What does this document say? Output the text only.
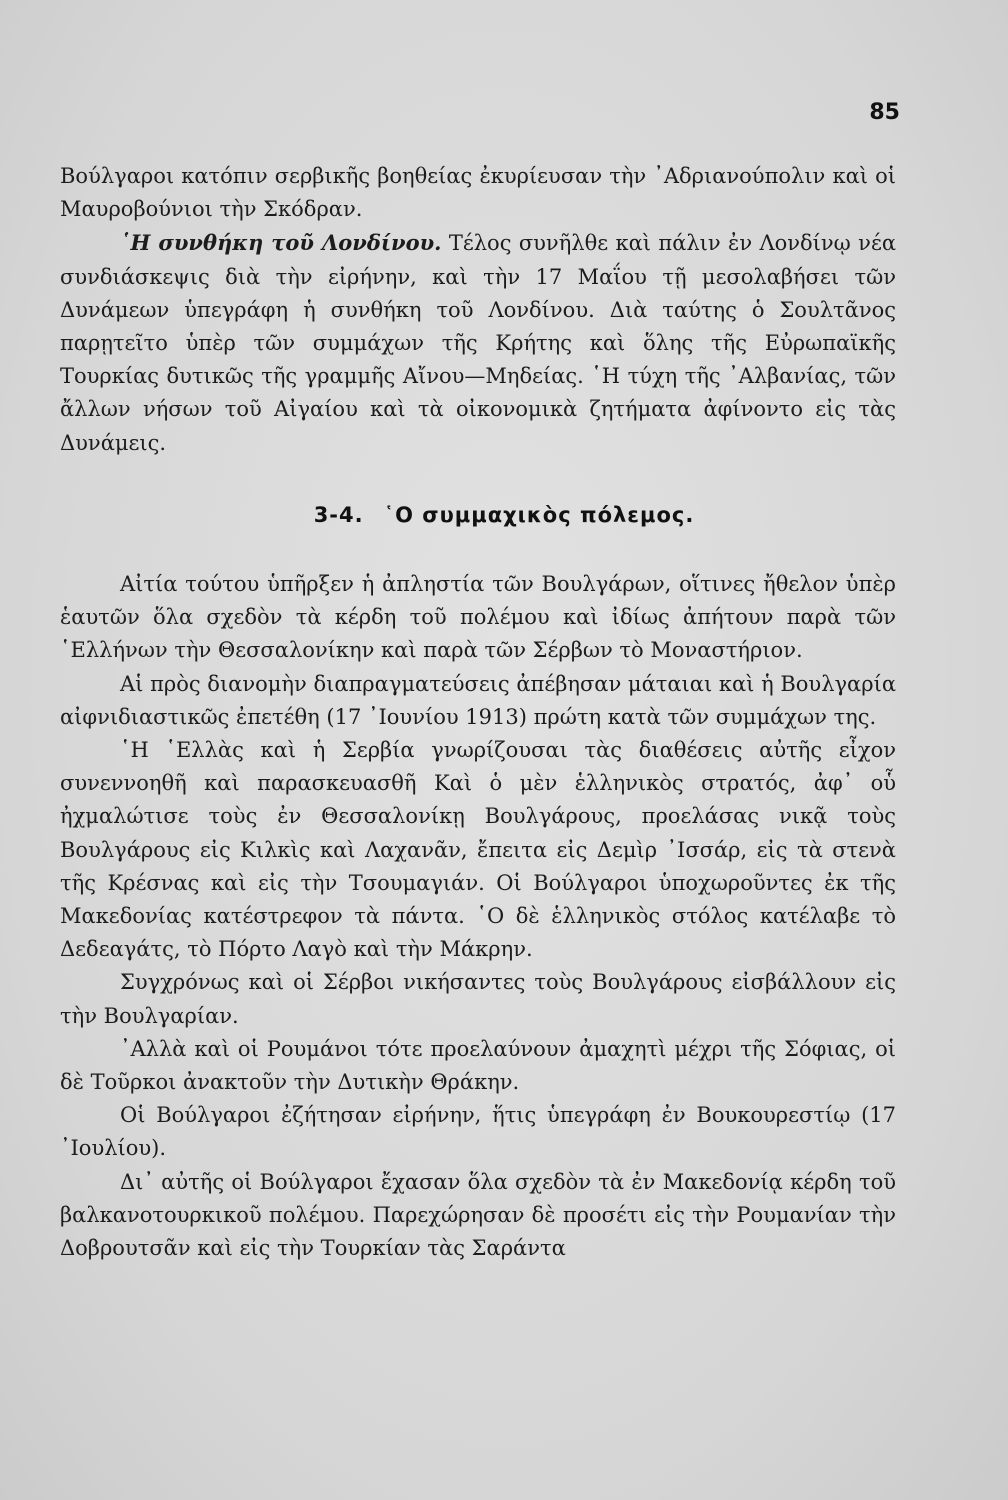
85

Βούλγαροι κατόπιν σερβικῆς βοηθείας ἐκυρίευσαν τὴν ᾿Αδριανούπολιν καὶ οἱ Μαυροβούνιοι τὴν Σκόδραν.

῾Η συνθήκη τοῦ Λονδίνου. Τέλος συνῆλθε καὶ πάλιν ἐν Λονδίνῳ νέα συνδιάσκεψις διὰ τὴν εἰρήνην, καὶ τὴν 17 Μαΐου τῇ μεσολαβήσει τῶν Δυνάμεων ὑπεγράφη ἡ συνθήκη τοῦ Λονδίνου. Διὰ ταύτης ὁ Σουλτᾶνος παρῃτεῖτο ὑπὲρ τῶν συμμάχων τῆς Κρήτης καὶ ὅλης τῆς Εὐρωπαϊκῆς Τουρκίας δυτικῶς τῆς γραμμῆς Αἴνου—Μηδείας. ῾Η τύχη τῆς ᾿Αλβανίας, τῶν ἄλλων νήσων τοῦ Αἰγαίου καὶ τὰ οἰκονομικὰ ζητήματα ἀφίνοντο εἰς τὰς Δυνάμεις.

3-4. ῾Ο συμμαχικὸς πόλεμος.

Αἰτία τούτου ὑπῆρξεν ἡ ἀπληστία τῶν Βουλγάρων, οἵτινες ἤθελον ὑπὲρ ἑαυτῶν ὅλα σχεδὸν τὰ κέρδη τοῦ πολέμου καὶ ἰδίως ἀπήτουν παρὰ τῶν ῾Ελλήνων τὴν Θεσσαλονίκην καὶ παρὰ τῶν Σέρβων τὸ Μοναστήριον.

Αἱ πρὸς διανομὴν διαπραγματεύσεις ἀπέβησαν μάταιαι καὶ ἡ Βουλγαρία αἰφνιδιαστικῶς ἐπετέθη (17 ᾿Ιουνίου 1913) πρώτη κατὰ τῶν συμμάχων της.

῾Η ῾Ελλὰς καὶ ἡ Σερβία γνωρίζουσαι τὰς διαθέσεις αὐτῆς εἶχον συνεννοηθῆ καὶ παρασκευασθῆ Καὶ ὁ μὲν ἑλληνικὸς στρατός, ἀφ᾿ οὗ ἠχμαλώτισε τοὺς ἐν Θεσσαλονίκῃ Βουλγάρους, προελάσας νικᾷ τοὺς Βουλγάρους εἰς Κιλκὶς καὶ Λαχανᾶν, ἔπειτα εἰς Δεμὶρ ᾿Ισσάρ, εἰς τὰ στενὰ τῆς Κρέσνας καὶ εἰς τὴν Τσουμαγιάν. Οἱ Βούλγαροι ὑποχωροῦντες ἐκ τῆς Μακεδονίας κατέστρεφον τὰ πάντα. ῾Ο δὲ ἑλληνικὸς στόλος κατέλαβε τὸ Δεδεαγάτς, τὸ Πόρτο Λαγὸ καὶ τὴν Μάκρην.

Συγχρόνως καὶ οἱ Σέρβοι νικήσαντες τοὺς Βουλγάρους εἰσβάλλουν εἰς τὴν Βουλγαρίαν.

᾿Αλλὰ καὶ οἱ Ρουμάνοι τότε προελαύνουν ἀμαχητὶ μέχρι τῆς Σόφιας, οἱ δὲ Τοῦρκοι ἀνακτοῦν τὴν Δυτικὴν Θράκην.

Οἱ Βούλγαροι ἐζήτησαν εἰρήνην, ἥτις ὑπεγράφη ἐν Βουκουρεστίῳ (17 ᾿Ιουλίου).

Δι᾿ αὐτῆς οἱ Βούλγαροι ἔχασαν ὅλα σχεδὸν τὰ ἐν Μακεδονίᾳ κέρδη τοῦ βαλκανοτουρκικοῦ πολέμου. Παρεχώρησαν δὲ προσέτι εἰς τὴν Ρουμανίαν τὴν Δοβρουτσᾶν καὶ εἰς τὴν Τουρκίαν τὰς Σαράντα
